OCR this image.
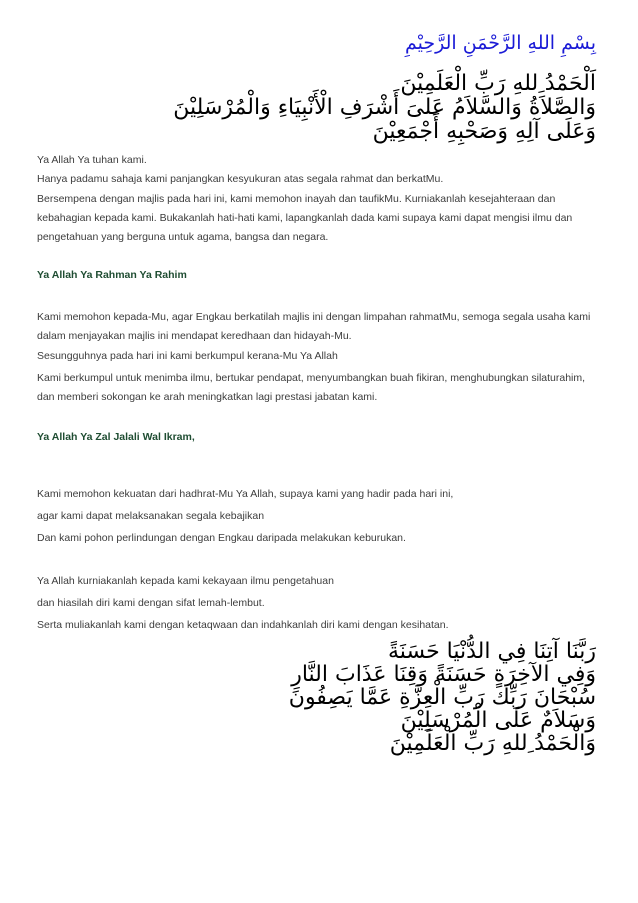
بِسْمِ اللهِ الرَّحْمَنِ الرَّحِيْمِ
اَلْحَمْدُ ِللهِ رَبِّ الْعَلَمِيْنَ
وَالصَّلاَةُ وَالسَّلاَمُ عَلىَ أَشْرَفِ الْأَنْبِيَاءِ وَالْمُرْسَلِيْنَ
وَعَلَى آلِهِ وَصَحْبِهِ أَجْمَعِيْنَ

Ya Allah Ya tuhan kami.

Hanya padamu sahaja kami panjangkan kesyukuran atas segala rahmat dan berkatMu.

Bersempena dengan majlis pada hari ini, kami memohon inayah dan taufikMu. Kurniakanlah kesejahteraan dan kebahagian kepada kami. Bukakanlah hati-hati kami, lapangkanlah dada kami supaya kami dapat mengisi ilmu dan pengetahuan yang berguna untuk agama, bangsa dan negara.

Ya Allah Ya Rahman Ya Rahim

Kami memohon kepada-Mu, agar Engkau berkatilah majlis ini dengan limpahan rahmatMu, semoga segala usaha kami dalam menjayakan majlis ini mendapat keredhaan dan hidayah-Mu.

Sesungguhnya pada hari ini kami berkumpul kerana-Mu Ya Allah

Kami berkumpul untuk menimba ilmu, bertukar pendapat, menyumbangkan buah fikiran, menghubungkan silaturahim, dan memberi sokongan ke arah meningkatkan lagi prestasi jabatan kami.

Ya Allah Ya Zal Jalali Wal Ikram,

Kami memohon kekuatan dari hadhrat-Mu Ya Allah, supaya kami yang hadir pada hari ini,

agar kami dapat melaksanakan segala kebajikan

Dan kami pohon perlindungan dengan Engkau daripada melakukan keburukan.

Ya Allah kurniakanlah kepada kami kekayaan ilmu pengetahuan

dan hiasilah diri kami dengan sifat lemah-lembut.

Serta muliakanlah kami dengan ketaqwaan dan indahkanlah diri kami dengan kesihatan.

رَبَّنَا آتِنَا فِي الدُّنْيَا حَسَنَةً
وَفِي الآخِرَةِ حَسَنَةً وَقِنَا عَذَابَ النَّارِ
سُبْحَانَ رَبِّكَ رَبِّ الْعِزَّةِ عَمَّا يَصِفُونَ
وَسَلاَمٌ عَلَى الْمُرْسَلِيْنَ
وَالْحَمْدُ ِللهِ رَبِّ الْعَلَمِيْنَ
